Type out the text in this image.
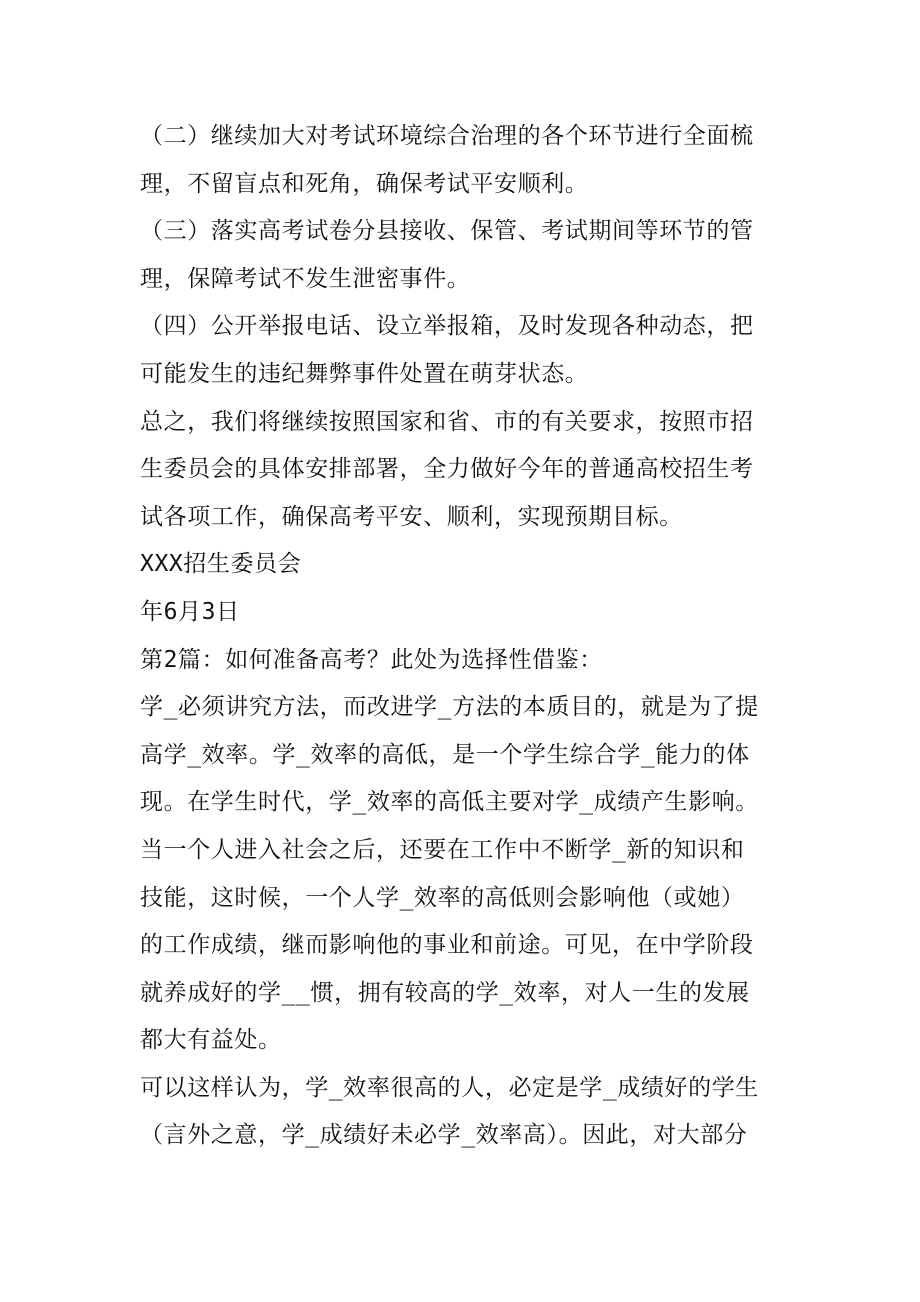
（二）继续加大对考试环境综合治理的各个环节进行全面梳
理，不留盲点和死角，确保考试平安顺利。
（三）落实高考试卷分县接收、保管、考试期间等环节的管
理，保障考试不发生泄密事件。
（四）公开举报电话、设立举报箱，及时发现各种动态，把
可能发生的违纪舞弊事件处置在萌芽状态。
总之，我们将继续按照国家和省、市的有关要求，按照市招
生委员会的具体安排部署，全力做好今年的普通高校招生考
试各项工作，确保高考平安、顺利，实现预期目标。
XXX招生委员会
年6月3日
第2篇：如何准备高考？此处为选择性借鉴：
学_必须讲究方法，而改进学_方法的本质目的，就是为了提
高学_效率。学_效率的高低，是一个学生综合学_能力的体
现。在学生时代，学_效率的高低主要对学_成绩产生影响。
当一个人进入社会之后，还要在工作中不断学_新的知识和
技能，这时候，一个人学_效率的高低则会影响他（或她）
的工作成绩，继而影响他的事业和前途。可见，在中学阶段
就养成好的学__惯，拥有较高的学_效率，对人一生的发展
都大有益处。
可以这样认为，学_效率很高的人，必定是学_成绩好的学生
（言外之意，学_成绩好未必学_效率高）。因此，对大部分
